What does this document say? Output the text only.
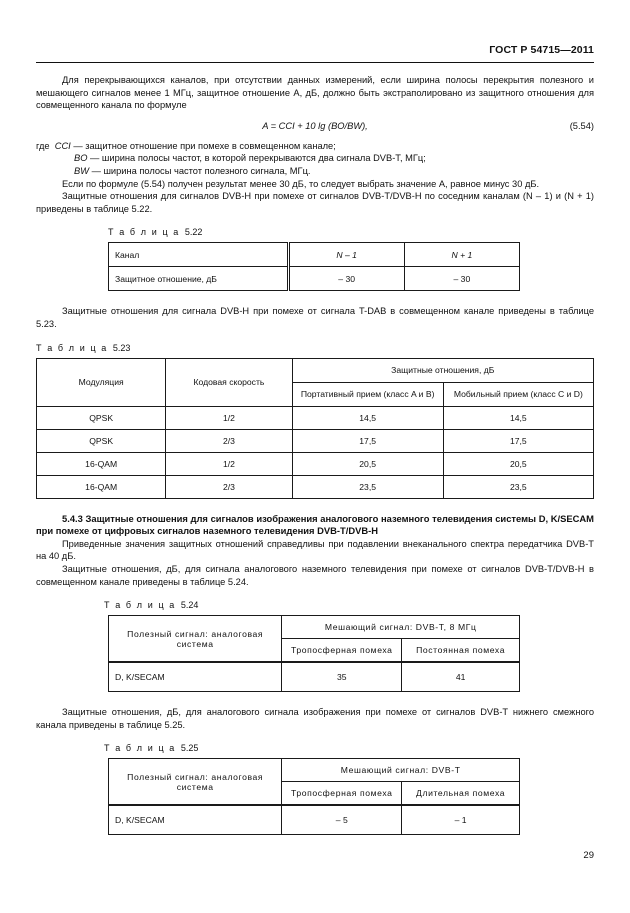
ГОСТ Р 54715—2011

Для перекрывающихся каналов, при отсутствии данных измерений, если ширина полосы перекрытия полезного и мешающего сигналов менее 1 МГц, защитное отношение A, дБ, должно быть экстраполировано из защитного отношения для совмещенного канала по формуле

A = CCI + 10 lg (BO/BW),	(5.54)
где CCI — защитное отношение при помехе в совмещенном канале;
BO — ширина полосы частот, в которой перекрываются два сигнала DVB-T, МГц;
BW — ширина полосы частот полезного сигнала, МГц.

Если по формуле (5.54) получен результат менее 30 дБ, то следует выбрать значение A, равное минус 30 дБ.

Защитные отношения для сигналов DVB-H при помехе от сигналов DVB-T/DVB-H по соседним каналам (N – 1) и (N + 1) приведены в таблице 5.22.

Т а б л и ц а 5.22
Канал	N – 1	N + 1
Защитное отношение, дБ	– 30	– 30

Защитные отношения для сигнала DVB-H при помехе от сигнала T-DAB в совмещенном канале приведены в таблице 5.23.

Т а б л и ц а 5.23
Модуляция	Кодовая скорость	Защитные отношения, дБ	
		Портативный прием (класс A и B)	Мобильный прием (класс C и D)
QPSK	1/2	14,5	14,5
QPSK	2/3	17,5	17,5
16-QAM	1/2	20,5	20,5
16-QAM	2/3	23,5	23,5

5.4.3 Защитные отношения для сигналов изображения аналогового наземного телевидения системы D, K/SECAM при помехе от цифровых сигналов наземного телевидения DVB-T/DVB-H

Приведенные значения защитных отношений справедливы при подавлении внеканального спектра передатчика DVB-T на 40 дБ.

Защитные отношения, дБ, для сигнала аналогового наземного телевидения при помехе от сигналов DVB-T/DVB-H в совмещенном канале приведены в таблице 5.24.

Т а б л и ц а 5.24
Полезный сигнал: аналоговая система	Мешающий сигнал: DVB-T, 8 МГц	
	Тропосферная помеха	Постоянная помеха
D, K/SECAM	35	41

Защитные отношения, дБ, для аналогового сигнала изображения при помехе от сигналов DVB-T нижнего смежного канала приведены в таблице 5.25.

Т а б л и ц а 5.25
Полезный сигнал: аналоговая система	Мешающий сигнал: DVB-T	
	Тропосферная помеха	Длительная помеха
D, K/SECAM	– 5	– 1
29
